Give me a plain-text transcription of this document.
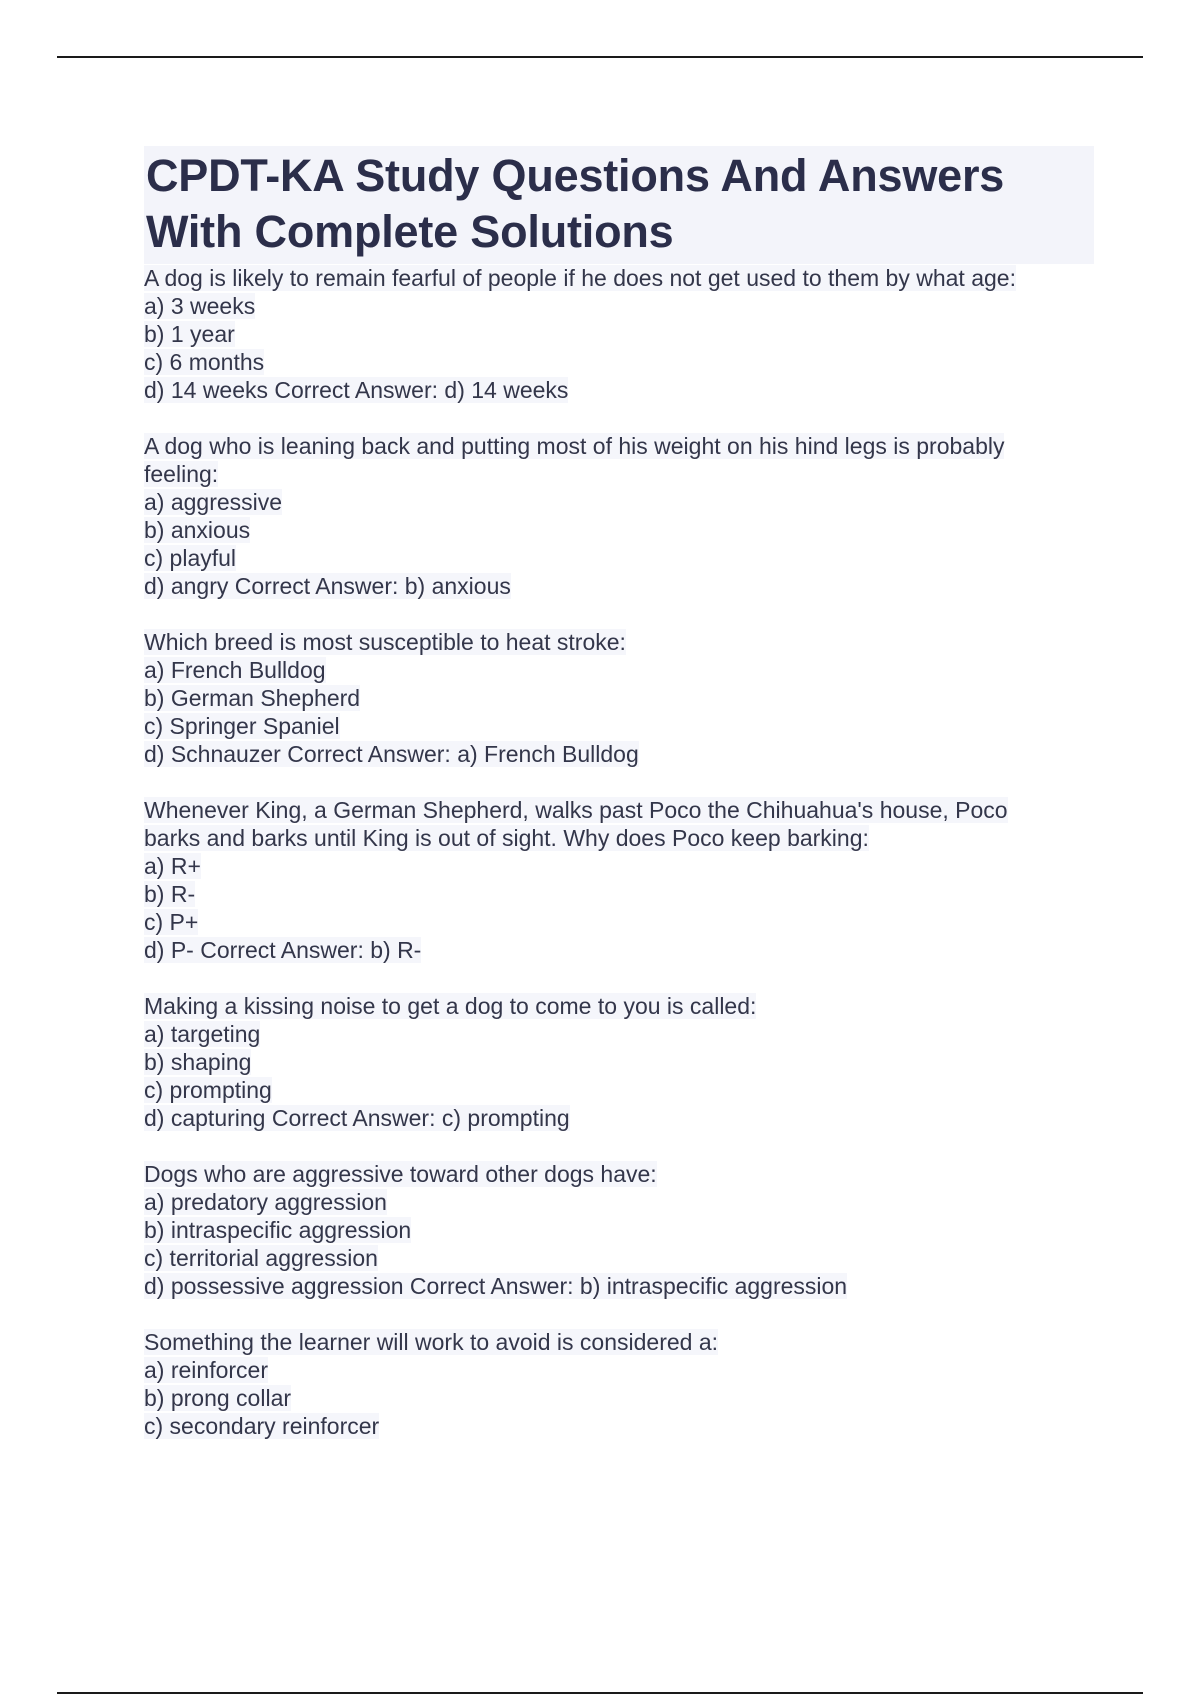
CPDT-KA Study Questions And Answers
With Complete Solutions
A dog is likely to remain fearful of people if he does not get used to them by what age:
a) 3 weeks
b) 1 year
c) 6 months
d) 14 weeks Correct Answer: d) 14 weeks
A dog who is leaning back and putting most of his weight on his hind legs is probably
feeling:
a) aggressive
b) anxious
c) playful
d) angry Correct Answer: b) anxious
Which breed is most susceptible to heat stroke:
a) French Bulldog
b) German Shepherd
c) Springer Spaniel
d) Schnauzer Correct Answer: a) French Bulldog
Whenever King, a German Shepherd, walks past Poco the Chihuahua's house, Poco
barks and barks until King is out of sight. Why does Poco keep barking:
a) R+
b) R-
c) P+
d) P- Correct Answer: b) R-
Making a kissing noise to get a dog to come to you is called:
a) targeting
b) shaping
c) prompting
d) capturing Correct Answer: c) prompting
Dogs who are aggressive toward other dogs have:
a) predatory aggression
b) intraspecific aggression
c) territorial aggression
d) possessive aggression Correct Answer: b) intraspecific aggression
Something the learner will work to avoid is considered a:
a) reinforcer
b) prong collar
c) secondary reinforcer
